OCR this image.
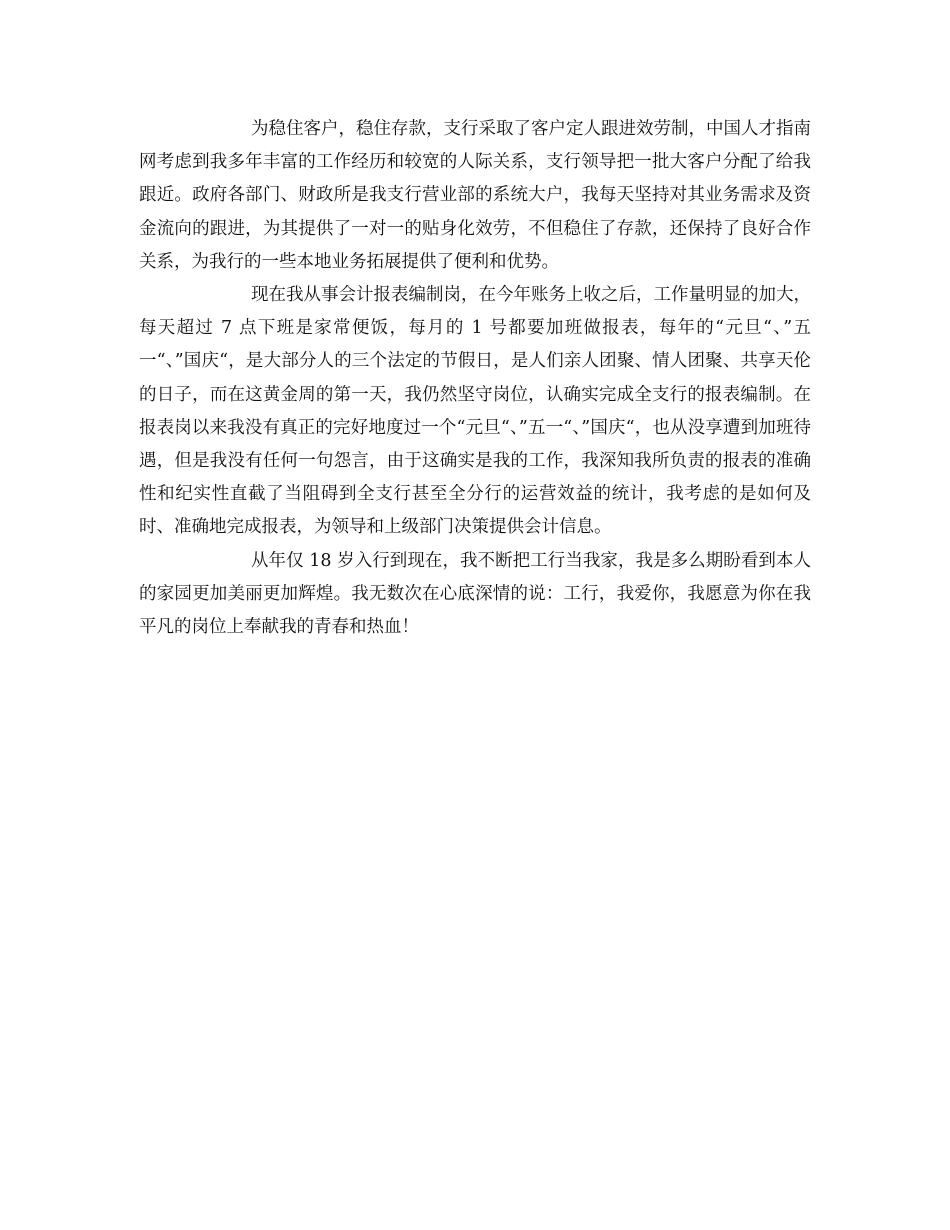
为稳住客户，稳住存款，支行采取了客户定人跟进效劳制，中国人才指南网考虑到我多年丰富的工作经历和较宽的人际关系，支行领导把一批大客户分配了给我跟近。政府各部门、财政所是我支行营业部的系统大户，我每天坚持对其业务需求及资金流向的跟进，为其提供了一对一的贴身化效劳，不但稳住了存款，还保持了良好合作关系，为我行的一些本地业务拓展提供了便利和优势。

现在我从事会计报表编制岗，在今年账务上收之后，工作量明显的加大，每天超过 7 点下班是家常便饭，每月的 1 号都要加班做报表，每年的“元旦“、”五一“、”国庆“，是大部分人的三个法定的节假日，是人们亲人团聚、情人团聚、共享天伦的日子，而在这黄金周的第一天，我仍然坚守岗位，认确实完成全支行的报表编制。在报表岗以来我没有真正的完好地度过一个“元旦“、”五一“、”国庆“，也从没享遭到加班待遇，但是我没有任何一句怨言，由于这确实是我的工作，我深知我所负责的报表的准确性和纪实性直截了当阻碍到全支行甚至全分行的运营效益的统计，我考虑的是如何及时、准确地完成报表，为领导和上级部门决策提供会计信息。

从年仅 18 岁入行到现在，我不断把工行当我家，我是多么期盼看到本人的家园更加美丽更加辉煌。我无数次在心底深情的说：工行，我爱你，我愿意为你在我平凡的岗位上奉献我的青春和热血！
